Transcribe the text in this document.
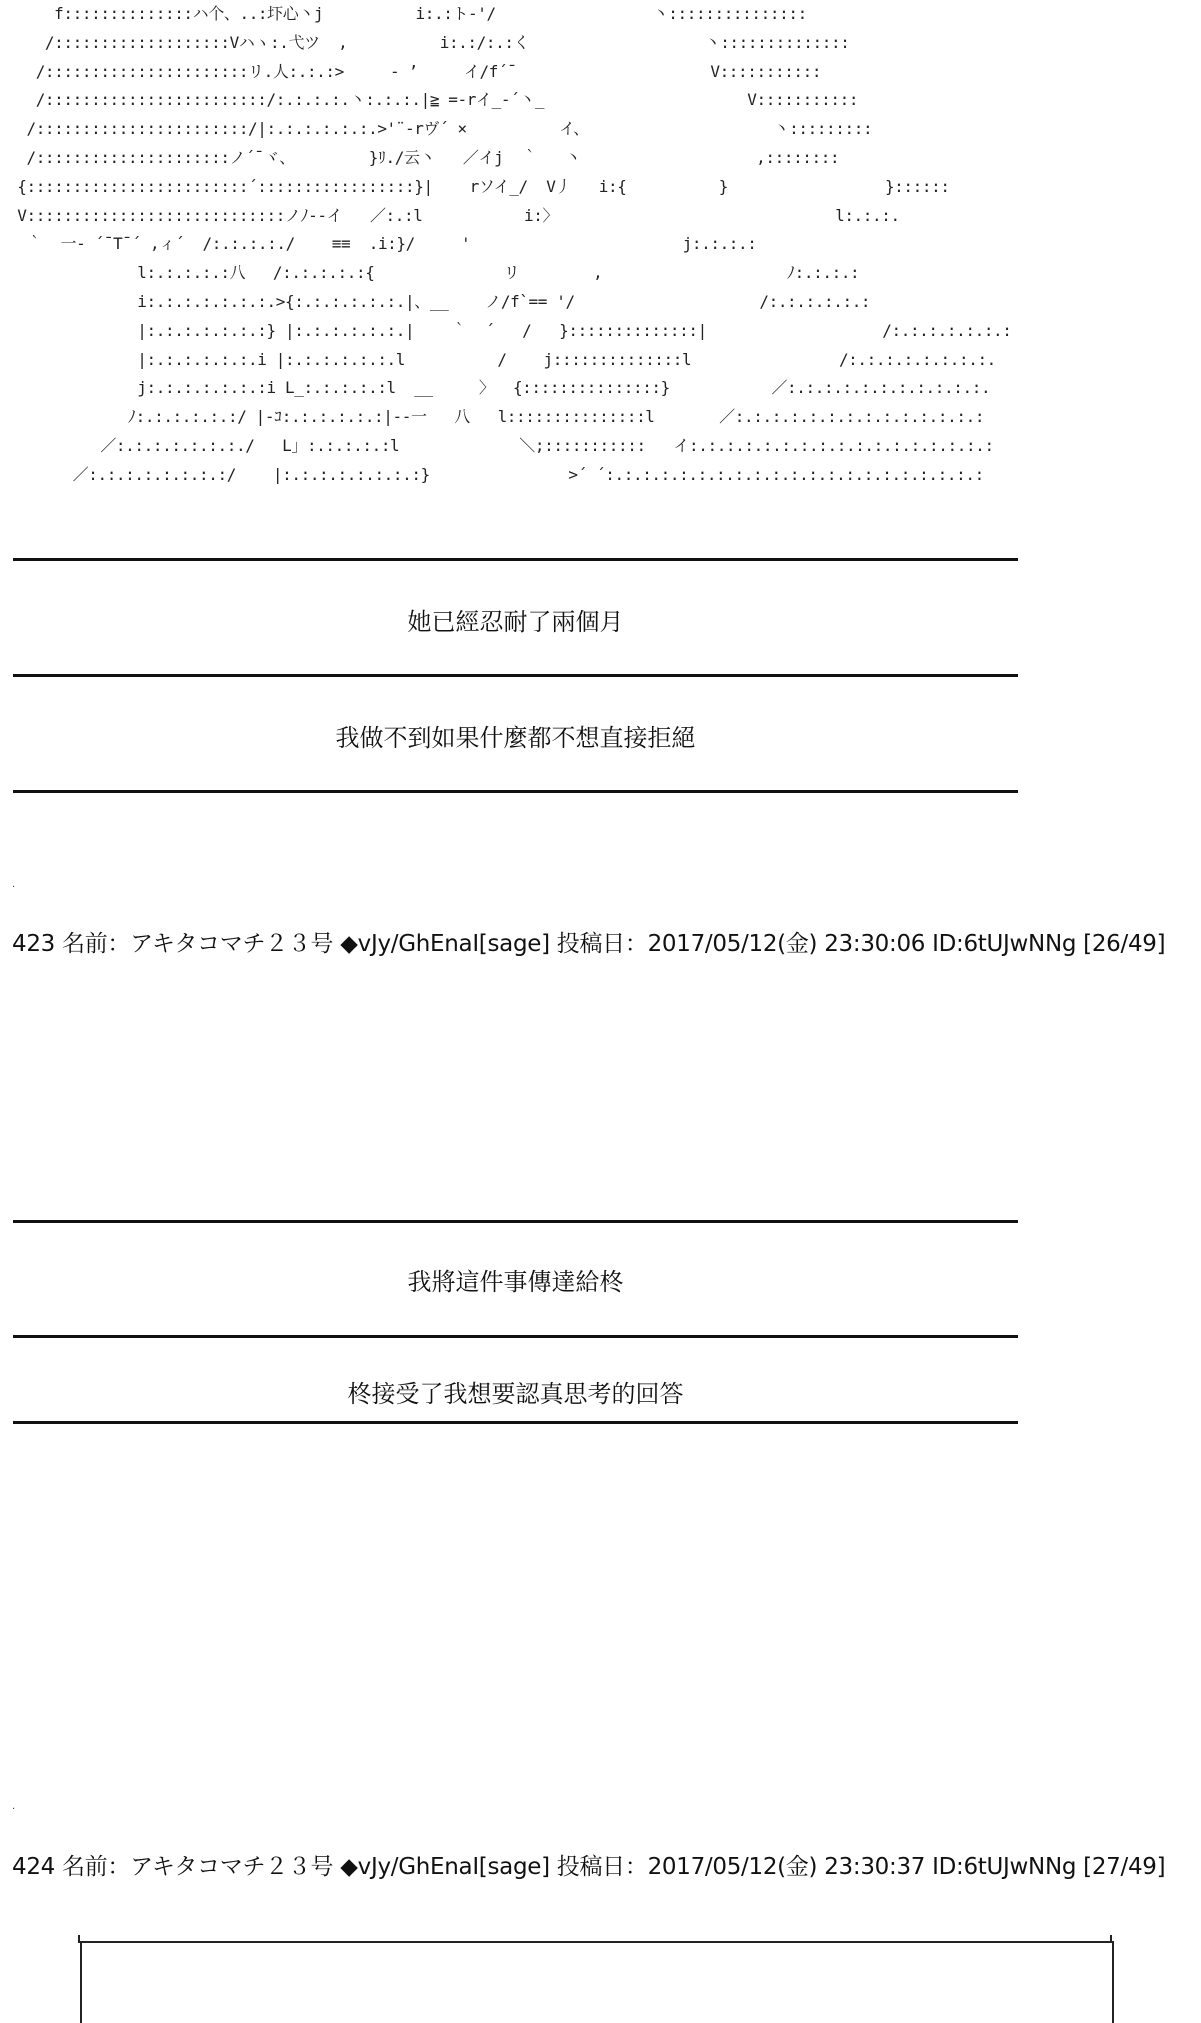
f::::::::::::::ハ个、..:圷心丶j          i:.:ト‐'/                 丶:::::::::::::::
/:::::::::::::::::::Vハヽ:.弋ツ  ,          i:.:/:.:く                   丶::::::::::::::
/::::::::::::::::::::::リ.人:.:.:>     ‐ ’     イ/f´¯                     V:::::::::::
/::::::::::::::::::::::::/:.:.:.:.丶:.:.:.|≧ =‐rイ_‐´丶_                      V:::::::::::
/:::::::::::::::::::::::/|:.:.:.:.:.:.>'¨‐rヴ´ ×          イ、                    丶:::::::::
/:::::::::::::::::::::ノ´¯ヾ、        }ﾘ./云丶   ／イj  ｀   丶                   ,::::::::
{::::::::::::::::::::::::´:::::::::::::::::}|    rソイ_/  V丿   i:{          }                 }::::::
V::::::::::::::::::::::::::::ノﾉ‐‐イ   ／:.:l           i:〉                              l:.:.:.
｀  一‐ ´¯T¯´ ,ィ´  /:.:.:.:./    ≡≡  .i:}/     '                       j:.:.:.:
l:.:.:.:.:八   /:.:.:.:.:{              リ        ,                    ﾉ:.:.:.:
i:.:.:.:.:.:.:.>{:.:.:.:.:.:.|、__    ノ/f`== '/                    /:.:.:.:.:.:
|:.:.:.:.:.:.:} |:.:.:.:.:.:.|    ｀  ´   /   }::::::::::::::|                   /:.:.:.:.:.:.:
|:.:.:.:.:.:.i |:.:.:.:.:.:.l          /    j::::::::::::::l                /:.:.:.:.:.:.:.:.
j:.:.:.:.:.:.:i L_:.:.:.:.:l  __     〉  {:::::::::::::::}           ／:.:.:.:.:.:.:.:.:.:.:.
ﾉ:.:.:.:.:.:/ |-ｺ:.:.:.:.:.:|‐‐一   八   l:::::::::::::::l       ／:.:.:.:.:.:.:.:.:.:.:.:.:.:
／:.:.:.:.:.:.:./   L」:.:.:.:.:l             ＼;:::::::::::   イ:.:.:.:.:.:.:.:.:.:.:.:.:.:.:.:.:
／:.:.:.:.:.:.:.:/    |:.:.:.:.:.:.:.:}               >´ ´:.:.:.:.:.:.:.:.:.:.:.:.:.:.:.:.:.:.:.:.:
她已經忍耐了兩個月
我做不到如果什麼都不想直接拒絕
.
423 名前：アキタコマチ２３号 ◆vJy/GhEnaI[sage] 投稿日：2017/05/12(金) 23:30:06 ID:6tUJwNNg [26/49]
我將這件事傳達給柊
柊接受了我想要認真思考的回答
.
424 名前：アキタコマチ２３号 ◆vJy/GhEnaI[sage] 投稿日：2017/05/12(金) 23:30:37 ID:6tUJwNNg [27/49]
